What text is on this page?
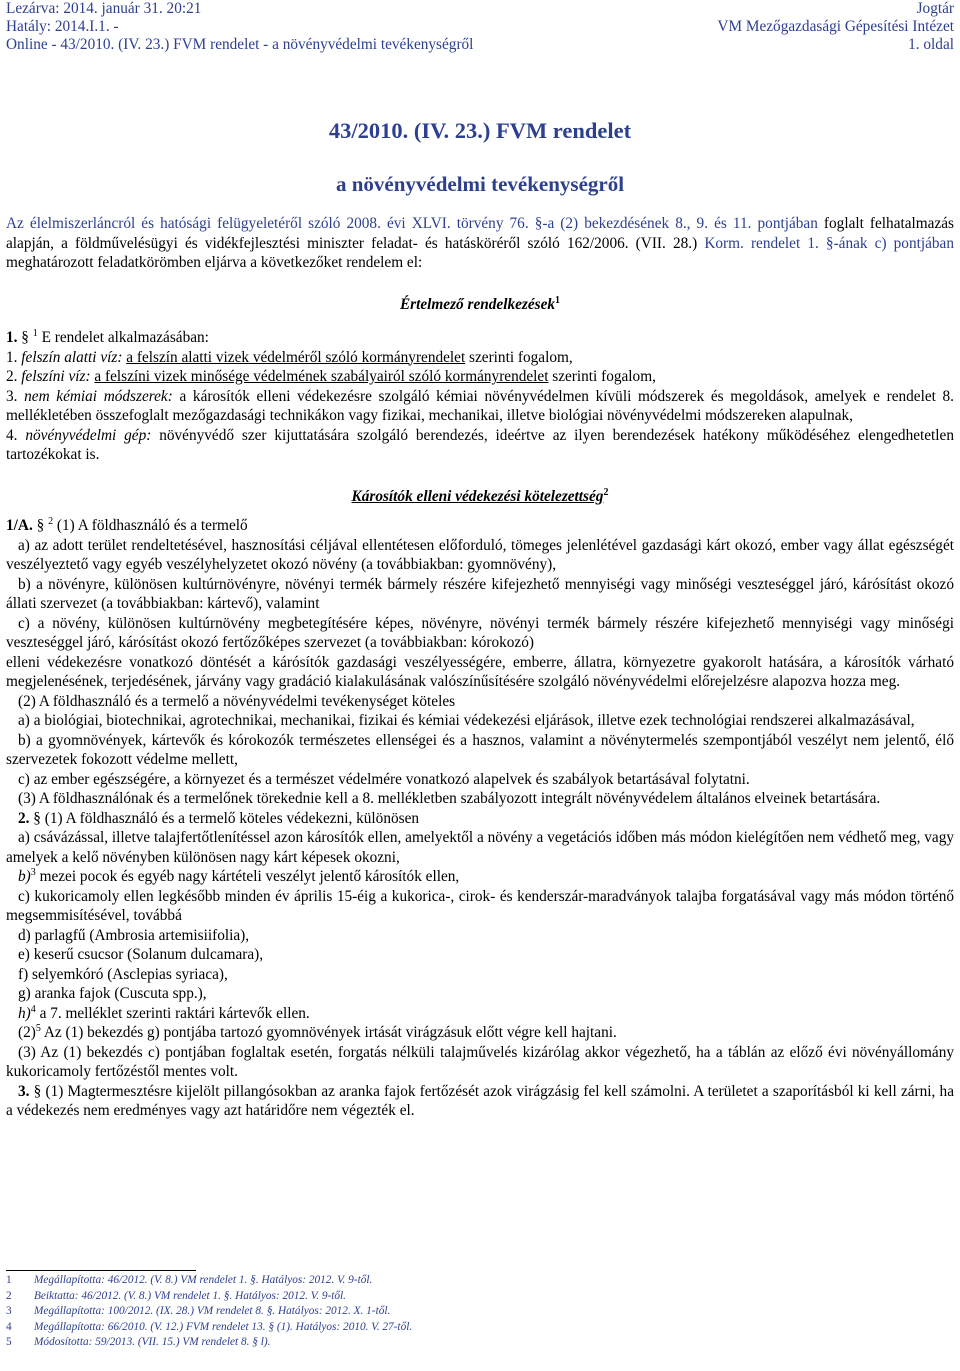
Lezárva: 2014. január 31. 20:21
Hatály: 2014.I.1. -
Online - 43/2010. (IV. 23.) FVM rendelet - a növényvédelmi tevékenységről
Jogtár
VM Mezőgazdasági Gépesítési Intézet
1. oldal
43/2010. (IV. 23.) FVM rendelet
a növényvédelmi tevékenységről

Az élelmiszerláncról és hatósági felügyeletéről szóló 2008. évi XLVI. törvény 76. §-a (2) bekezdésének 8., 9. és 11. pontjában foglalt felhatalmazás alapján, a földművelésügyi és vidékfejlesztési miniszter feladat- és hatásköréről szóló 162/2006. (VII. 28.) Korm. rendelet 1. §-ának c) pontjában meghatározott feladatkörömben eljárva a következőket rendelem el:

Értelmező rendelkezések$^1$

1. § $^1$ E rendelet alkalmazásában:

1. felszín alatti víz: a felszín alatti vizek védelméről szóló kormányrendelet szerinti fogalom,

2. felszíni víz: a felszíni vizek minősége védelmének szabályairól szóló kormányrendelet szerinti fogalom,

3. nem kémiai módszerek: a károsítók elleni védekezésre szolgáló kémiai növényvédelmen kívüli módszerek és megoldások, amelyek e rendelet 8. mellékletében összefoglalt mezőgazdasági technikákon vagy fizikai, mechanikai, illetve biológiai növényvédelmi módszereken alapulnak,

4. növényvédelmi gép: növényvédő szer kijuttatására szolgáló berendezés, ideértve az ilyen berendezések hatékony működéséhez elengedhetetlen tartozékokat is.

Károsítók elleni védekezési kötelezettség$^2$

1/A. § $^2$ (1) A földhasználó és a termelő

a) az adott terület rendeltetésével, hasznosítási céljával ellentétesen előforduló, tömeges jelenlétével gazdasági kárt okozó, ember vagy állat egészségét veszélyeztető vagy egyéb veszélyhelyzetet okozó növény (a továbbiakban: gyomnövény),

b) a növényre, különösen kultúrnövényre, növényi termék bármely részére kifejezhető mennyiségi vagy minőségi veszteséggel járó, kárósítást okozó állati szervezet (a továbbiakban: kártevő), valamint

c) a növény, különösen kultúrnövény megbetegítésére képes, növényre, növényi termék bármely részére kifejezhető mennyiségi vagy minőségi veszteséggel járó, kárósítást okozó fertőzőképes szervezet (a továbbiakban: kórokozó)

elleni védekezésre vonatkozó döntését a kárósítók gazdasági veszélyességére, emberre, állatra, környezetre gyakorolt hatására, a károsítók várható megjelenésének, terjedésének, járvány vagy gradáció kialakulásának valószínűsítésére szolgáló növényvédelmi előrejelzésre alapozva hozza meg.

(2) A földhasználó és a termelő a növényvédelmi tevékenységet köteles

a) a biológiai, biotechnikai, agrotechnikai, mechanikai, fizikai és kémiai védekezési eljárások, illetve ezek technológiai rendszerei alkalmazásával,

b) a gyomnövények, kártevők és kórokozók természetes ellenségei és a hasznos, valamint a növénytermelés szempontjából veszélyt nem jelentő, élő szervezetek fokozott védelme mellett,

c) az ember egészségére, a környezet és a természet védelmére vonatkozó alapelvek és szabályok betartásával folytatni.

(3) A földhasználónak és a termelőnek törekednie kell a 8. mellékletben szabályozott integrált növényvédelem általános elveinek betartására.

2. § (1) A földhasználó és a termelő köteles védekezni, különösen

a) csávázással, illetve talajfertőtlenítéssel azon károsítók ellen, amelyektől a növény a vegetációs időben más módon kielégítően nem védhető meg, vagy amelyek a kelő növényben különösen nagy kárt képesek okozni,

b)$^3$ mezei pocok és egyéb nagy kártételi veszélyt jelentő károsítók ellen,

c) kukoricamoly ellen legkésőbb minden év április 15-éig a kukorica-, cirok- és kenderszár-maradványok talajba forgatásával vagy más módon történő megsemmisítésével, továbbá

d) parlagfű (Ambrosia artemisiifolia),

e) keserű csucsor (Solanum dulcamara),

f) selyemkóró (Asclepias syriaca),

g) aranka fajok (Cuscuta spp.),

h)$^4$ a 7. melléklet szerinti raktári kártevők ellen.

$(2)^5$ Az (1) bekezdés g) pontjába tartozó gyomnövények irtását virágzásuk előtt végre kell hajtani.

(3) Az (1) bekezdés c) pontjában foglaltak esetén, forgatás nélküli talajművelés kizárólag akkor végezhető, ha a táblán az előző évi növényállomány kukoricamoly fertőzéstől mentes volt.

3. § (1) Magtermesztésre kijelölt pillangósokban az aranka fajok fertőzését azok virágzásig fel kell számolni. A területet a szaporításból ki kell zárni, ha a védekezés nem eredményes vagy azt határidőre nem végezték el.

1	Megállapította: 46/2012. (V. 8.) VM rendelet 1. §. Hatályos: 2012. V. 9-től.
2	Beiktatta: 46/2012. (V. 8.) VM rendelet 1. §. Hatályos: 2012. V. 9-től.
3	Megállapította: 100/2012. (IX. 28.) VM rendelet 8. §. Hatályos: 2012. X. 1-től.
4	Megállapította: 66/2010. (V. 12.) FVM rendelet 13. § (1). Hatályos: 2010. V. 27-től.
5	Módosította: 59/2013. (VII. 15.) VM rendelet 8. § l).
